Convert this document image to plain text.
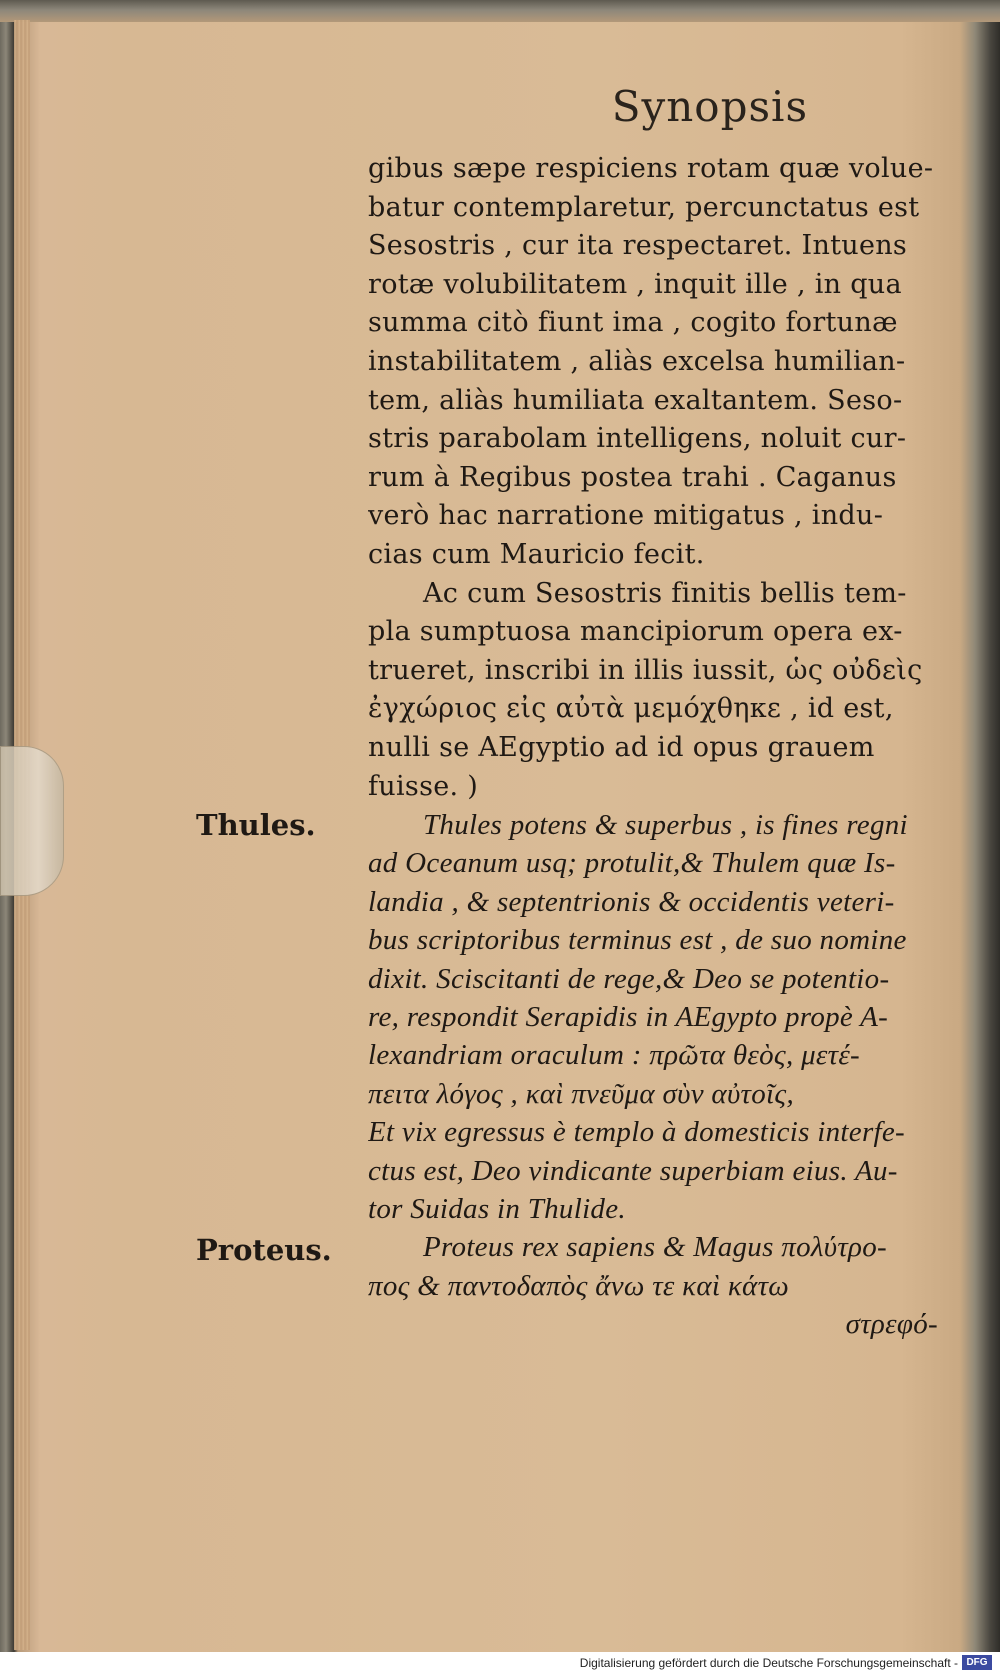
Synopsis
gibus sæpe respiciens rotam quæ volue-
batur contemplaretur, percunctatus est
Sesostris , cur ita respectaret. Intuens
rotæ volubilitatem , inquit ille , in qua
summa citò fiunt ima , cogito fortunæ
instabilitatem , aliàs excelsa humilian-
tem, aliàs humiliata exaltantem. Seso-
stris parabolam intelligens, noluit cur-
rum à Regibus postea trahi . Caganus
verò hac narratione mitigatus , indu-
cias cum Mauricio fecit.
Ac cum Sesostris finitis bellis tem-
pla sumptuosa mancipiorum opera ex-
trueret, inscribi in illis iussit, ὡς οὐδεὶς
ἐγχώριος εἰς αὐτὰ μεμόχθηκε , id est,
nulli se AEgyptio ad id opus grauem
fuisse. )
Thules potens & superbus , is fines regni
ad Oceanum usq; protulit,& Thulem quæ Is-
landia , & septentrionis & occidentis veteri-
bus scriptoribus terminus est , de suo nomine
dixit. Sciscitanti de rege,& Deo se potentio-
re, respondit Serapidis in AEgypto propè A-
lexandriam oraculum : πρῶτα θεὸς, μετέ-
πειτα λόγος , καὶ πνεῦμα σὺν αὐτοῖς,
Et vix egressus è templo à domesticis interfe-
ctus est, Deo vindicante superbiam eius. Au-
tor Suidas in Thulide.
Proteus rex sapiens & Magus πολύτρο-
πος & παντοδαπὸς ἄνω τε καὶ κάτω
στρεφό-
Thules.
Proteus.
Digitalisierung gefördert durch die Deutsche Forschungsgemeinschaft - DFG
